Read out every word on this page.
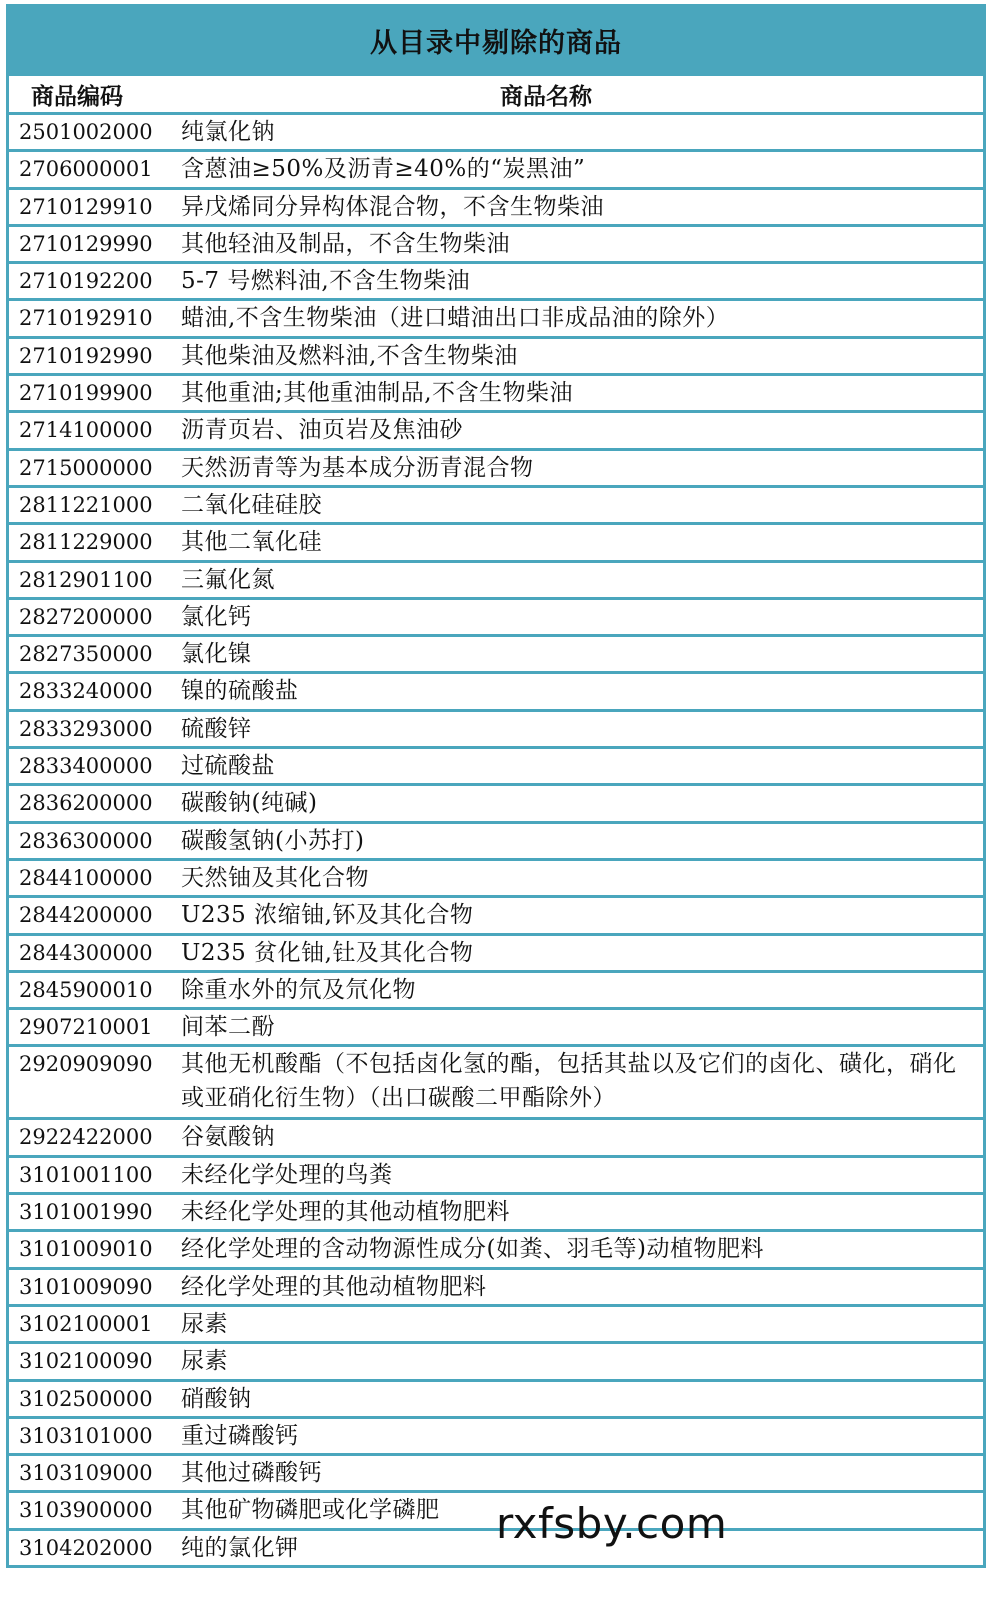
从目录中剔除的商品
商品编码	商品名称
2501002000	纯氯化钠
2706000001	含蒽油≥50%及沥青≥40%的“炭黑油”
2710129910	异戊烯同分异构体混合物，不含生物柴油
2710129990	其他轻油及制品，不含生物柴油
2710192200	5-7 号燃料油,不含生物柴油
2710192910	蜡油,不含生物柴油（进口蜡油出口非成品油的除外）
2710192990	其他柴油及燃料油,不含生物柴油
2710199900	其他重油;其他重油制品,不含生物柴油
2714100000	沥青页岩、油页岩及焦油砂
2715000000	天然沥青等为基本成分沥青混合物
2811221000	二氧化硅硅胶
2811229000	其他二氧化硅
2812901100	三氟化氮
2827200000	氯化钙
2827350000	氯化镍
2833240000	镍的硫酸盐
2833293000	硫酸锌
2833400000	过硫酸盐
2836200000	碳酸钠(纯碱)
2836300000	碳酸氢钠(小苏打)
2844100000	天然铀及其化合物
2844200000	U235 浓缩铀,钚及其化合物
2844300000	U235 贫化铀,钍及其化合物
2845900010	除重水外的氘及氘化物
2907210001	间苯二酚
2920909090	其他无机酸酯（不包括卤化氢的酯，包括其盐以及它们的卤化、磺化，硝化或亚硝化衍生物）（出口碳酸二甲酯除外）
2922422000	谷氨酸钠
3101001100	未经化学处理的鸟粪
3101001990	未经化学处理的其他动植物肥料
3101009010	经化学处理的含动物源性成分(如粪、羽毛等)动植物肥料
3101009090	经化学处理的其他动植物肥料
3102100001	尿素
3102100090	尿素
3102500000	硝酸钠
3103101000	重过磷酸钙
3103109000	其他过磷酸钙
3103900000	其他矿物磷肥或化学磷肥
3104202000	纯的氯化钾	rxfsby.com
